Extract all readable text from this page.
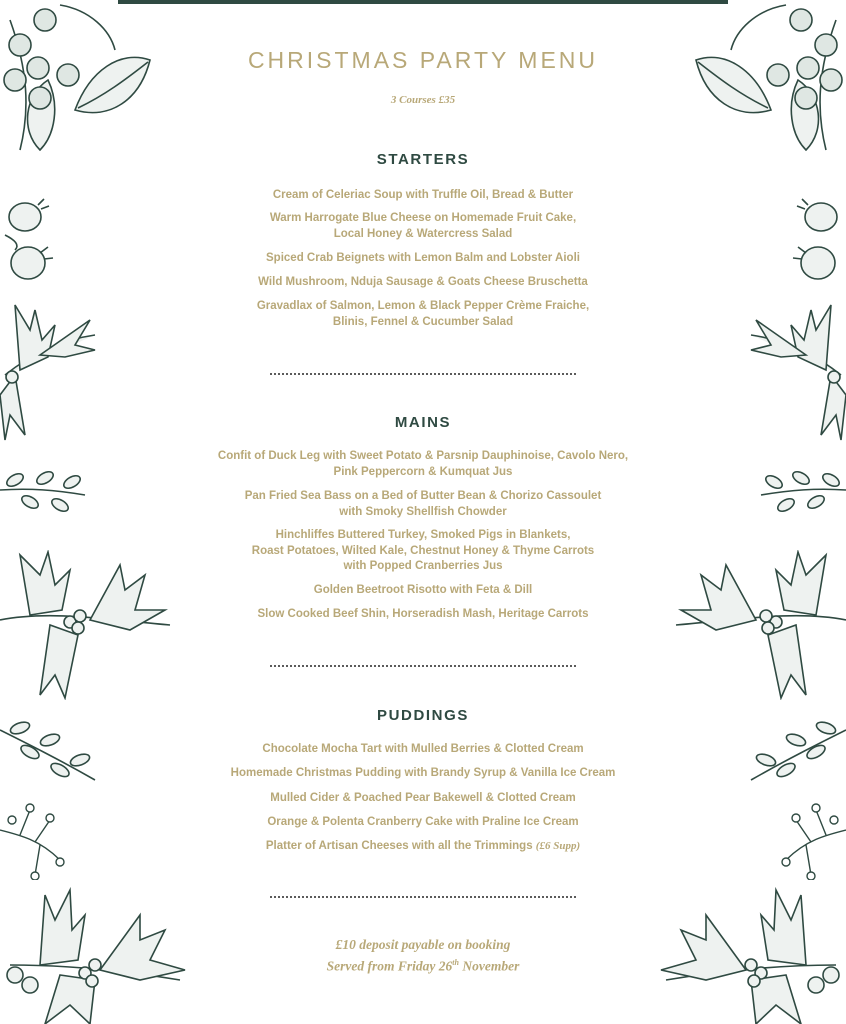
CHRISTMAS PARTY MENU
3 Courses £35
STARTERS
Cream of Celeriac Soup with Truffle Oil, Bread & Butter
Warm Harrogate Blue Cheese on Homemade Fruit Cake,
Local Honey & Watercress Salad
Spiced Crab Beignets with Lemon Balm and Lobster Aioli
Wild Mushroom, Nduja Sausage & Goats Cheese Bruschetta
Gravadlax of Salmon, Lemon & Black Pepper Crème Fraiche,
Blinis, Fennel & Cucumber Salad
MAINS
Confit of Duck Leg with Sweet Potato & Parsnip Dauphinoise, Cavolo Nero,
Pink Peppercorn & Kumquat Jus
Pan Fried Sea Bass on a Bed of Butter Bean & Chorizo Cassoulet
with Smoky Shellfish Chowder
Hinchliffes Buttered Turkey, Smoked Pigs in Blankets,
Roast Potatoes, Wilted Kale, Chestnut Honey & Thyme Carrots
with Popped Cranberries Jus
Golden Beetroot Risotto with Feta & Dill
Slow Cooked Beef Shin, Horseradish Mash, Heritage Carrots
PUDDINGS
Chocolate Mocha Tart with Mulled Berries & Clotted Cream
Homemade Christmas Pudding with Brandy Syrup & Vanilla Ice Cream
Mulled Cider & Poached Pear Bakewell & Clotted Cream
Orange & Polenta Cranberry Cake with Praline Ice Cream
Platter of Artisan Cheeses with all the Trimmings (£6 Supp)
£10 deposit payable on booking
Served from Friday 26th November
